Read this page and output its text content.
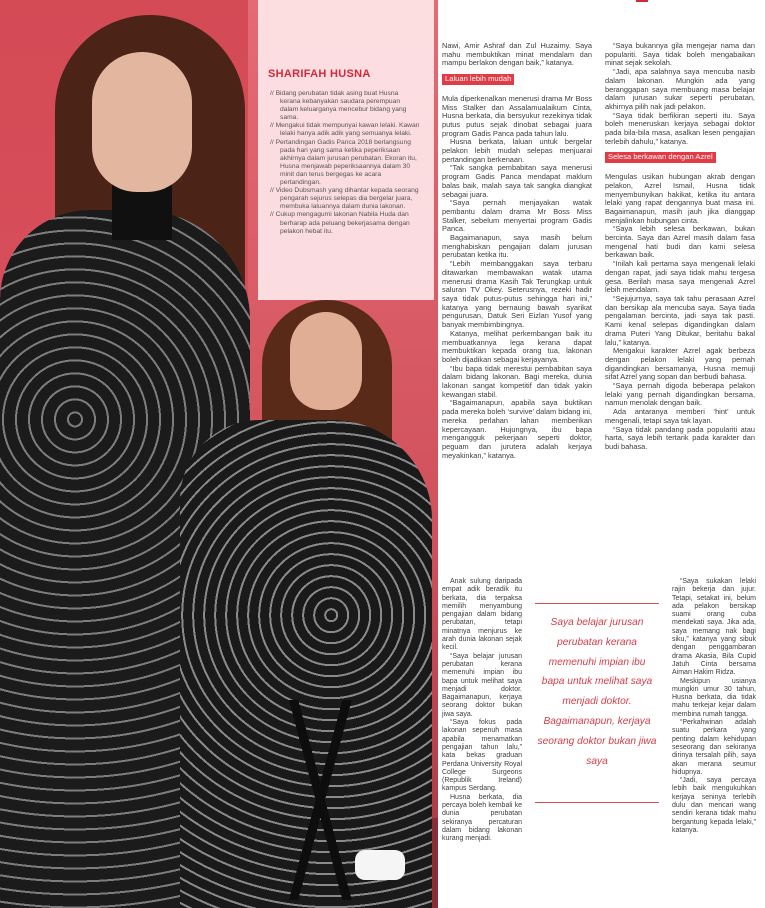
SHARIFAH HUSNA

// Bidang perubatan tidak asing buat Husna kerana kebanyakan saudara perempuan dalam keluarganya mencebur bidang yang sama.

// Mengakui tidak mempunyai kawan lelaki. Kawan lelaki hanya adik adik yang semuanya lelaki.

// Pertandingan Gadis Panca 2018 berlangsung pada hari yang sama ketika peperiksaan akhirnya dalam jurusan perubatan. Ekoran itu, Husna menjawab peperiksaannya dalam 30 minit dan terus bergegas ke acara pertandingan.

// Video Dubsmash yang dihantar kepada seorang pengarah sejurus selepas dia bergelar juara, membuka laluannya dalam dunia lakonan.

// Cukup mengagumi lakonan Nabila Huda dan berharap ada peluang bekerjasama dengan pelakon hebat itu.

Nawi, Amir Ashraf dan Zul Huzaimy. Saya mahu membuktikan minat mendalam dan mampu berlakon dengan baik,” katanya.

Laluan lebih mudah

Mula diperkenalkan menerusi drama Mr Boss Miss Stalker dan Assalamualaikum Cinta, Husna berkata, dia bersyukur rezekinya tidak putus putus sejak dinobat sebagai juara program Gadis Panca pada tahun lalu.

Husna berkata, laluan untuk bergelar pelakon lebih mudah selepas menjuarai pertandingan berkenaan.

“Tak sangka pembabitan saya menerusi program Gadis Panca mendapat maklum balas baik, malah saya tak sangka diangkat sebagai juara.

“Saya pernah menjayakan watak pembantu dalam drama Mr Boss Miss Stalker, sebelum menyertai program Gadis Panca.

Bagaimanapun, saya masih belum menghabiskan pengajian dalam jurusan perubatan ketika itu.

“Lebih membanggakan saya terbaru ditawarkan membawakan watak utama menerusi drama Kasih Tak Terungkap untuk saluran TV Okey. Seterusnya, rezeki hadir saya tidak putus-putus sehingga hari ini,” katanya yang bernaung bawah syarikat pengurusan, Datuk Seri Eizlan Yusof yang banyak membimbingnya.

Katanya, melihat perkembangan baik itu membuatkannya lega kerana dapat membuktikan kepada orang tua, lakonan boleh dijadikan sebagai kerjayanya.

“Ibu bapa tidak merestui pembabitan saya dalam bidang lakonan. Bagi mereka, dunia lakonan sangat kompetitif dan tidak yakin kewangan stabil.

“Bagaimanapun, apabila saya buktikan pada mereka boleh ‘survive’ dalam bidang ini, mereka perlahan lahan memberikan kepercayaan. Hujungnya, ibu bapa mengangguk pekerjaan seperti doktor, peguam dan jurutera adalah kerjaya meyakinkan,” katanya.

Anak sulung daripada empat adik beradik itu berkata, dia terpaksa memilih menyambung pengajian dalam bidang perubatan, tetapi minatnya menjurus ke arah dunia lakonan sejak kecil.

“Saya belajar jurusan perubatan kerana memenuhi impian ibu bapa untuk melihat saya menjadi doktor. Bagaimanapun, kerjaya seorang doktor bukan jiwa saya.

“Saya fokus pada lakonan sepenuh masa apabila menamatkan pengajian tahun lalu,” kata bekas graduan Perdana University Royal College Surgeons (Republik Ireland) kampus Serdang.

Husna berkata, dia percaya boleh kembali ke dunia perubatan sekiranya percaturan dalam bidang lakonan kurang menjadi.

“Saya bukannya gila mengejar nama dan populariti. Saya tidak boleh mengabaikan minat sejak sekolah.

“Jadi, apa salahnya saya mencuba nasib dalam lakonan. Mungkin ada yang beranggapan saya membuang masa belajar dalam jurusan sukar seperti perubatan, akhirnya pilih nak jadi pelakon.

“Saya tidak berfikiran seperti itu. Saya boleh meneruskan kerjaya sebagai doktor pada bila-bila masa, asalkan lesen pengajian terlebih dahulu,” katanya.

Selesa berkawan dengan Azrel

Mengulas usikan hubungan akrab dengan pelakon, Azrel Ismail, Husna tidak menyembunyikan hakikat, ketika itu antara lelaki yang rapat dengannya buat masa ini. Bagaimanapun, masih jauh jika dianggap menjalinkan hubungan cinta.

“Saya lebih selesa berkawan, bukan bercinta. Saya dan Azrel masih dalam fasa mengenal hati budi dan kami selesa berkawan baik.

“Inilah kali pertama saya mengenali lelaki dengan rapat, jadi saya tidak mahu tergesa gesa. Berilah masa saya mengenali Azrel lebih mendalam.

“Sejujurnya, saya tak tahu perasaan Azrel dan bersikap ala mencuba saya. Saya tiada pengalaman bercinta, jadi saya tak pasti. Kami kenal selepas digandingkan dalam drama Puteri Yang Ditukar, beritahu bakal lalu,” katanya.

Mengakui karakter Azrel agak berbeza dengan pelakon lelaki yang pernah digandingkan bersamanya, Husna memuji sifat Azrel yang sopan dan berbudi bahasa.

“Saya pernah digoda beberapa pelakon lelaki yang pernah digandingkan bersama, namun menolak dengan baik.

Ada antaranya memberi ‘hint’ untuk mengenali, tetapi saya tak layan.

“Saya tidak pandang pada populariti atau harta, saya lebih tertarik pada karakter dan budi bahasa.

“Saya sukakan lelaki rajin bekerja dan jujur. Tetapi, setakat ini, belum ada pelakon bersikap suami orang cuba mendekati saya. Jika ada, saya memang nak bagi siku,” katanya yang sibuk dengan penggambaran drama Akasia, Bila Cupid Jatuh Cinta bersama Aiman Hakim Ridza.

Meskipun usianya mungkin umur 30 tahun, Husna berkata, dia tidak mahu terkejar kejar dalam membina rumah tangga.

“Perkahwinan adalah suatu perkara yang penting dalam kehidupan seseorang dan sekiranya dirinya tersalah pilih, saya akan merana seumur hidupnya.

“Jadi, saya percaya lebih baik mengukuhkan kerjaya seninya terlebih dulu dan mencari wang sendiri kerana tidak mahu bergantung kepada lelaki,” katanya.

Saya belajar jurusan perubatan kerana memenuhi impian ibu bapa untuk melihat saya menjadi doktor. Bagaimanapun, kerjaya seorang doktor bukan jiwa saya
